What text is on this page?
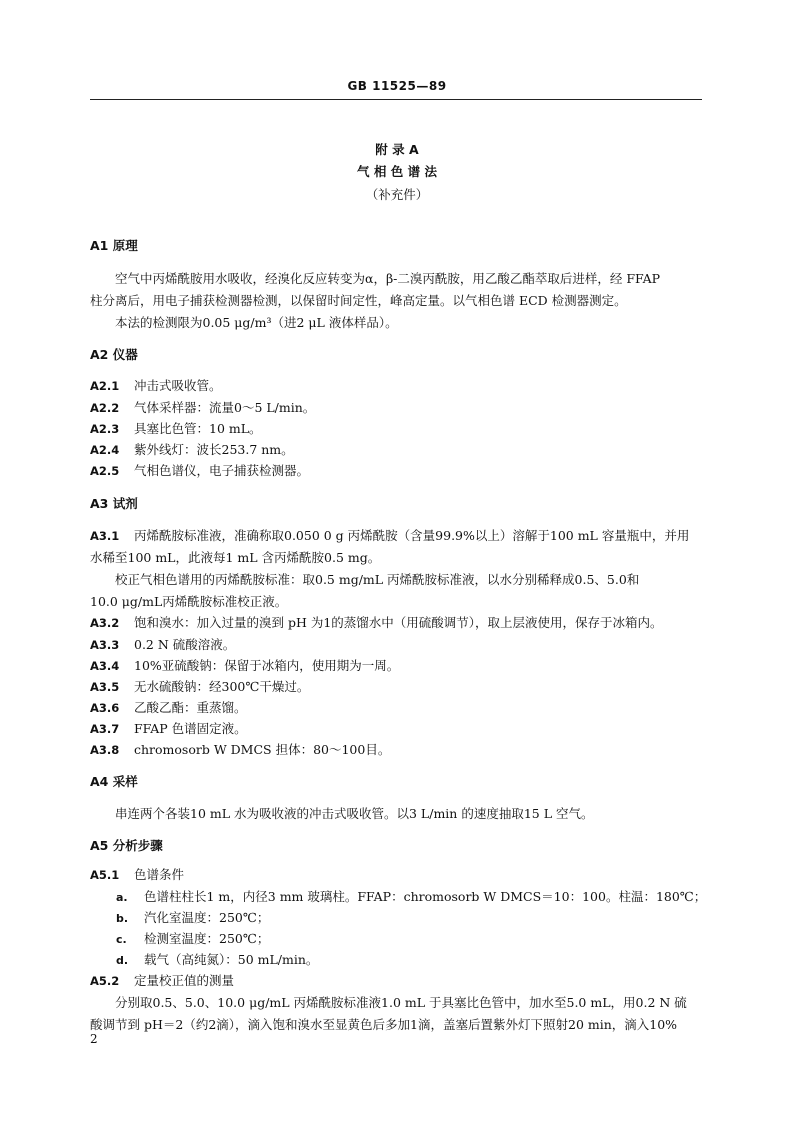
GB 11525—89
附 录 A
气 相 色 谱 法
（补充件）
A1 原理
空气中丙烯酰胺用水吸收，经溴化反应转变为α，β-二溴丙酰胺，用乙酸乙酯萃取后进样，经 FFAP
柱分离后，用电子捕获检测器检测，以保留时间定性，峰高定量。以气相色谱 ECD 检测器测定。
本法的检测限为0.05 μg/m³（进2 μL 液体样品）。
A2 仪器
A2.1 冲击式吸收管。
A2.2 气体采样器：流量0～5 L/min。
A2.3 具塞比色管：10 mL。
A2.4 紫外线灯：波长253.7 nm。
A2.5 气相色谱仪，电子捕获检测器。
A3 试剂
A3.1 丙烯酰胺标准液，准确称取0.050 0 g 丙烯酰胺（含量99.9%以上）溶解于100 mL 容量瓶中，并用
水稀至100 mL，此液每1 mL 含丙烯酰胺0.5 mg。
校正气相色谱用的丙烯酰胺标准：取0.5 mg/mL 丙烯酰胺标准液，以水分别稀释成0.5、5.0和
10.0 μg/mL丙烯酰胺标准校正液。
A3.2 饱和溴水：加入过量的溴到 pH 为1的蒸馏水中（用硫酸调节），取上层液使用，保存于冰箱内。
A3.3 0.2 N 硫酸溶液。
A3.4 10%亚硫酸钠：保留于冰箱内，使用期为一周。
A3.5 无水硫酸钠：经300℃干燥过。
A3.6 乙酸乙酯：重蒸馏。
A3.7 FFAP 色谱固定液。
A3.8 chromosorb W DMCS 担体：80～100目。
A4 采样
串连两个各装10 mL 水为吸收液的冲击式吸收管。以3 L/min 的速度抽取15 L 空气。
A5 分析步骤
A5.1 色谱条件
a. 色谱柱柱长1 m，内径3 mm 玻璃柱。FFAP：chromosorb W DMCS＝10：100。柱温：180℃；
b. 汽化室温度：250℃；
c. 检测室温度：250℃；
d. 载气（高纯氮）：50 mL/min。
A5.2 定量校正值的测量
分别取0.5、5.0、10.0 μg/mL 丙烯酰胺标准液1.0 mL 于具塞比色管中，加水至5.0 mL，用0.2 N 硫
酸调节到 pH＝2（约2滴），滴入饱和溴水至显黄色后多加1滴，盖塞后置紫外灯下照射20 min，滴入10%
2
